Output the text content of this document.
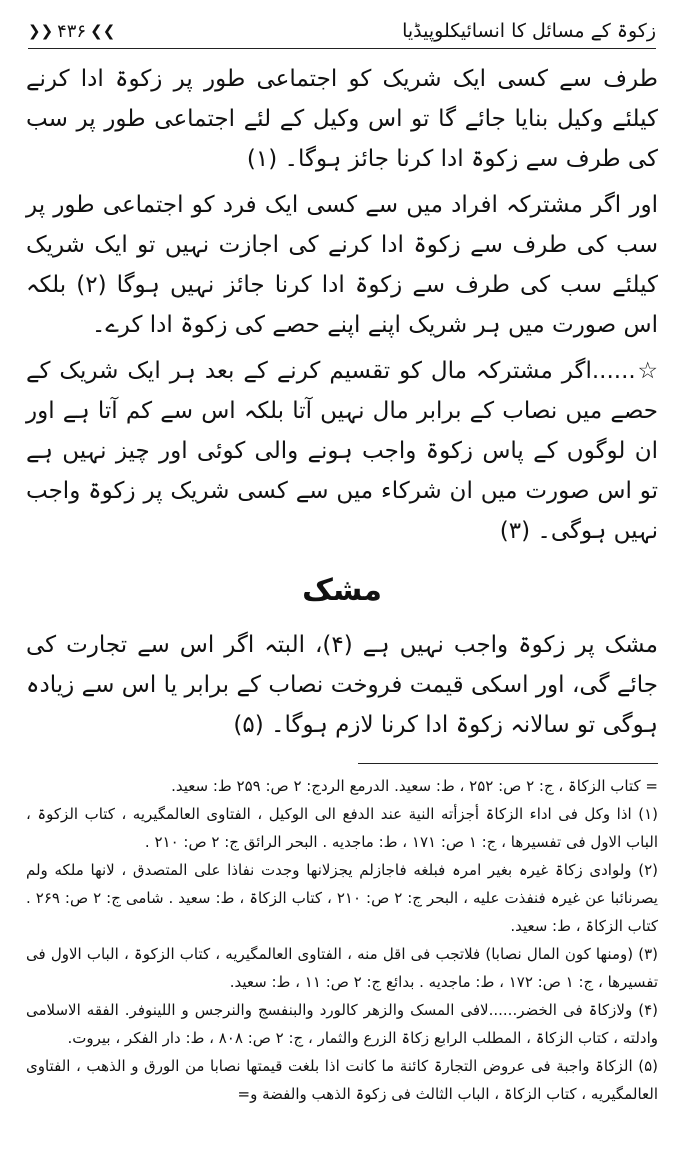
زکوۃ کے مسائل کا انسائیکلوپیڈیا
❯❯
۴۳۶
❮❮

طرف سے کسی ایک شریک کو اجتماعی طور پر زکوۃ ادا کرنے کیلئے وکیل بنایا جائے گا تو اس وکیل کے لئے اجتماعی طور پر سب کی طرف سے زکوۃ ادا کرنا جائز ہوگا۔ (۱)

اور اگر مشترکہ افراد میں سے کسی ایک فرد کو اجتماعی طور پر سب کی طرف سے زکوۃ ادا کرنے کی اجازت نہیں تو ایک شریک کیلئے سب کی طرف سے زکوۃ ادا کرنا جائز نہیں ہوگا (۲) بلکہ اس صورت میں ہر شریک اپنے اپنے حصے کی زکوۃ ادا کرے۔

☆......اگر مشترکہ مال کو تقسیم کرنے کے بعد ہر ایک شریک کے حصے میں نصاب کے برابر مال نہیں آتا بلکہ اس سے کم آتا ہے اور ان لوگوں کے پاس زکوۃ واجب ہونے والی کوئی اور چیز نہیں ہے تو اس صورت میں ان شرکاء میں سے کسی شریک پر زکوۃ واجب نہیں ہوگی۔ (۳)

مشک

مشک پر زکوۃ واجب نہیں ہے (۴)، البتہ اگر اس سے تجارت کی جائے گی، اور اسکی قیمت فروخت نصاب کے برابر یا اس سے زیادہ ہوگی تو سالانہ زکوۃ ادا کرنا لازم ہوگا۔ (۵)

= کتاب الزکاۃ ، ج: ۲ ص: ۲۵۲ ، ط: سعید. الدرمع الردج: ۲ ص: ۲۵۹ ط: سعید.

(۱) اذا وکل فی اداء الزکاۃ أجزأته النية عند الدفع الی الوکیل ، الفتاوی العالمگیریه ، کتاب الزکوۃ ، الباب الاول فی تفسیرها ، ج: ۱ ص: ۱۷۱ ، ط: ماجدیه . البحر الرائق ج: ۲ ص: ۲۱۰ .

(۲) ولوادی زکاۃ غیرہ بغیر امرہ فبلغه فاجازلم یجزلانها وجدت نفاذا علی المتصدق ، لانها ملکه ولم یصرنائبا عن غیرہ فنفذت علیه ، البحر ج: ۲ ص: ۲۱۰ ، کتاب الزکاۃ ، ط: سعید . شامی ج: ۲ ص: ۲۶۹ . کتاب الزکاۃ ، ط: سعید.

(۳) (ومنها کون المال نصابا) فلاتجب فی اقل منه ، الفتاوی العالمگیریه ، کتاب الزکوۃ ، الباب الاول فی تفسیرها ، ج: ۱ ص: ۱۷۲ ، ط: ماجدیه . بدائع ج: ۲ ص: ۱۱ ، ط: سعید.

(۴) ولازکاۃ فی الخضر......لافی المسک والزهر کالورد والبنفسج والنرجس و اللینوفر. الفقه الاسلامی وادلته ، کتاب الزکاۃ ، المطلب الرابع زکاۃ الزرع والثمار ، ج: ۲ ص: ۸۰۸ ، ط: دار الفکر ، بیروت.

(۵) الزکاۃ واجبة فی عروض التجارۃ کائنة ما کانت اذا بلغت قیمتها نصابا من الورق و الذهب ، الفتاوی العالمگیریه ، کتاب الزکاۃ ، الباب الثالث فی زکوۃ الذهب والفضة و=
